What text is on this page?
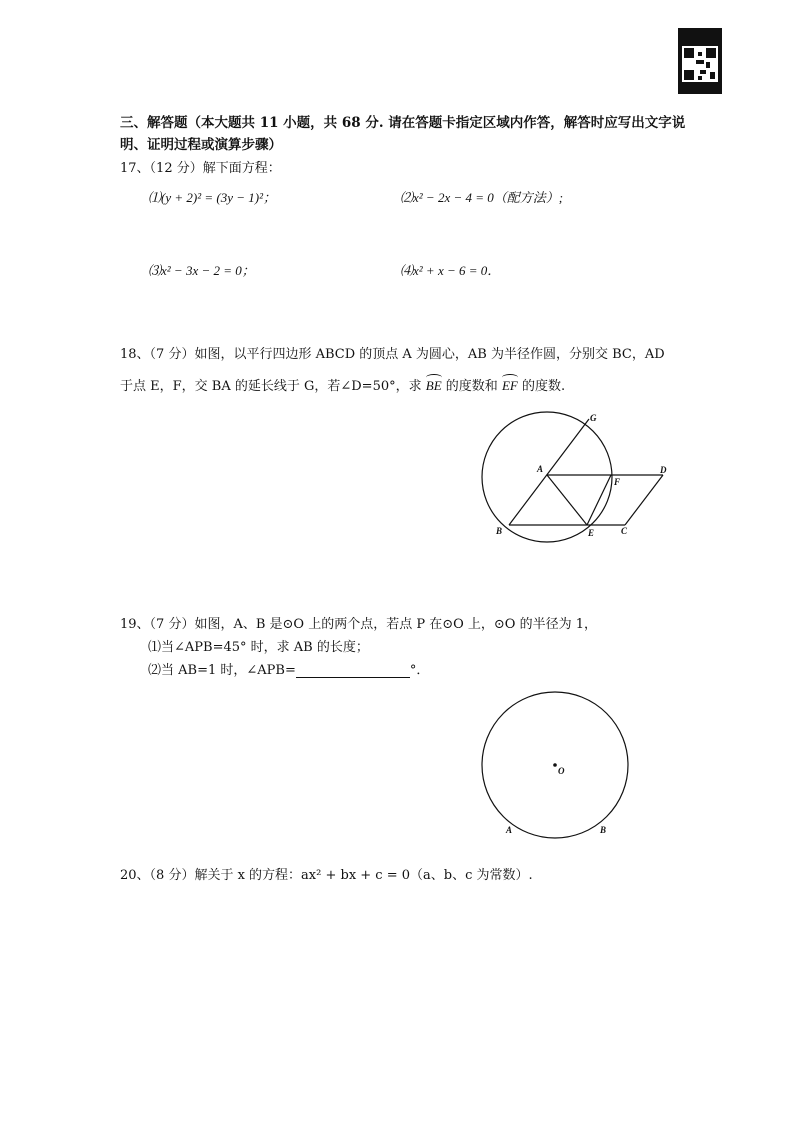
三、解答题（本大题共 11 小题，共 68 分. 请在答题卡指定区域内作答，解答时应写出文字说明、证明过程或演算步骤）
17、（12 分）解下面方程：
⑴(y + 2)² = (3y − 1)²；	⑵x² − 2x − 4 = 0（配方法）;
⑶x² − 3x − 2 = 0；	⑷x² + x − 6 = 0．
18、（7 分）如图，以平行四边形 ABCD 的顶点 A 为圆心，AB 为半径作圆，分别交 BC，AD
于点 E，F，交 BA 的延长线于 G，若∠D=50°，求 BE 的度数和 EF 的度数.
A
B	C
D
E
F
G
19、（7 分）如图，A、B 是⊙O 上的两个点，若点 P 在⊙O 上，⊙O 的半径为 1，
⑴当∠APB=45° 时，求 AB 的长度；
⑵当 AB=1 时，∠APB=	°．
O
A	B
20、（8 分）解关于 x 的方程：ax² + bx + c = 0（a、b、c 为常数）.
